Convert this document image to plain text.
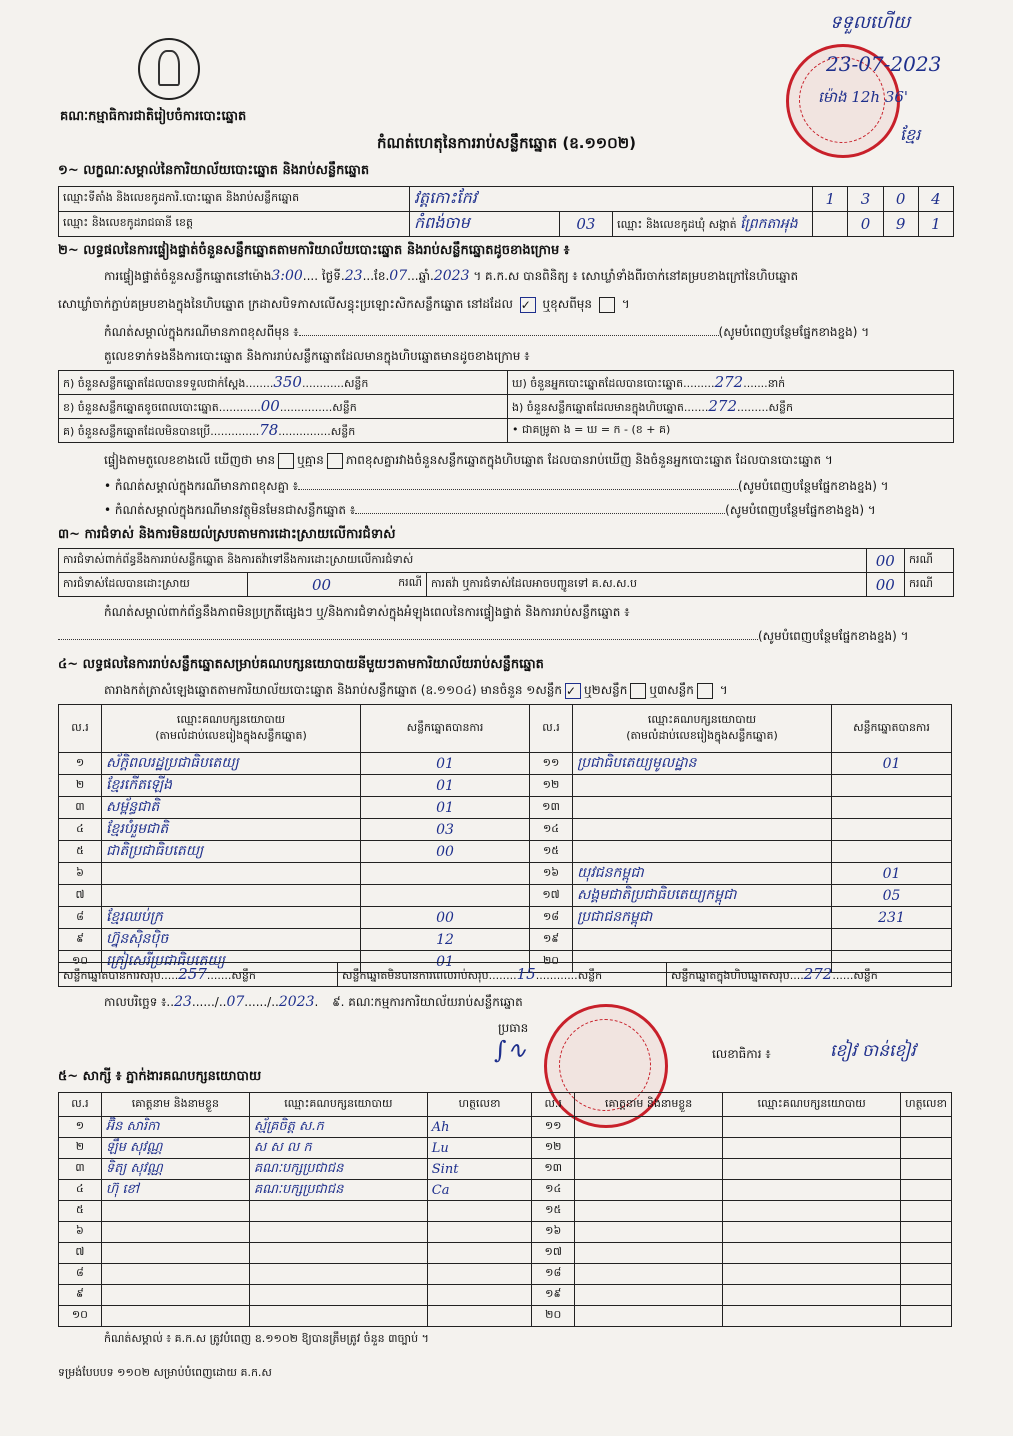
គណៈកម្មាធិការជាតិរៀបចំការបោះឆ្នោត
កំណត់ហេតុនៃការរាប់សន្លឹកឆ្នោត (ឧ.១១០២)
ទទួលហើយ
23-07-2023
ម៉ោង 12h 36'
ខ្មែរ
១~ លក្ខណៈសម្គាល់នៃការិយាល័យបោះឆ្នោត និងរាប់សន្លឹកឆ្នោត
ឈ្មោះទីតាំង និងលេខកូដការិ.បោះឆ្នោត និងរាប់សន្លឹកឆ្នោត	វត្តកោះកែវ			1	3	0	4
ឈ្មោះ និងលេខកូដរាជធានី ខេត្ត	កំពង់ចាម	03	ឈ្មោះ និងលេខកូដឃុំ សង្កាត់ ព្រែកតាអុង		0	9	1
២~ លទ្ធផលនៃការផ្ទៀងផ្ទាត់ចំនួនសន្លឹកឆ្នោតតាមការិយាល័យបោះឆ្នោត និងរាប់សន្លឹកឆ្នោតដូចខាងក្រោម ៖
ការផ្ទៀងផ្ទាត់ចំនួនសន្លឹកឆ្នោតនៅម៉ោង3:00.... ថ្ងៃទី.23...ខែ.07...ឆ្នាំ.2023 ។ គ.ក.ស បានពិនិត្យ ៖ សោឃ្លាំទាំងពីរចាក់នៅគម្របខាងក្រៅនៃហិបឆ្នោត
សោឃ្លាំចាក់ភ្ជាប់គម្របខាងក្នុងនៃហិបឆ្នោត ក្រដាសបិទភាសលើសន្ធុះប្រឡោះសិកសន្លឹកឆ្នោត នៅដដែល ✓ ឬខុសពីមុន  ។
កំណត់សម្គាល់ក្នុងករណីមានភាពខុសពីមុន ៖	(សូមបំពេញបន្ថែមផ្នែកខាងខ្នង) ។
តួលេខទាក់ទងនឹងការបោះឆ្នោត និងការរាប់សន្លឹកឆ្នោតដែលមានក្នុងហិបឆ្នោតមានដូចខាងក្រោម ៖
ក) ចំនួនសន្លឹកឆ្នោតដែលបានទទួលជាក់ស្តែង........350............សន្លឹក	ឃ) ចំនួនអ្នកបោះឆ្នោតដែលបានបោះឆ្នោត.........272.......នាក់
ខ) ចំនួនសន្លឹកឆ្នោតខូចពេលបោះឆ្នោត............00...............សន្លឹក	ង) ចំនួនសន្លឹកឆ្នោតដែលមានក្នុងហិបឆ្នោត.......272.........សន្លឹក
គ) ចំនួនសន្លឹកឆ្នោតដែលមិនបានប្រើ..............78...............សន្លឹក	• ជាគម្រូតា ង = ឃ = ក - (ខ + គ)
ផ្ទៀងតាមតួលេខខាងលើ ឃើញថា មាន ឬគ្មាន ភាពខុសគ្នារវាងចំនួនសន្លឹកឆ្នោតក្នុងហិបឆ្នោត ដែលបានរាប់ឃើញ និងចំនួនអ្នកបោះឆ្នោត ដែលបានបោះឆ្នោត ។
• កំណត់សម្គាល់ក្នុងករណីមានភាពខុសគ្នា ៖	(សូមបំពេញបន្ថែមផ្នែកខាងខ្នង) ។
• កំណត់សម្គាល់ក្នុងករណីមានវត្ថុមិនមែនជាសន្លឹកឆ្នោត ៖	(សូមបំពេញបន្ថែមផ្នែកខាងខ្នង) ។
៣~ ការជំទាស់ និងការមិនយល់ស្របតាមការដោះស្រាយលើការជំទាស់
ការជំទាស់ពាក់ព័ន្ធនឹងការរាប់សន្លឹកឆ្នោត និងការតវ៉ាទៅនឹងការដោះស្រាយលើការជំទាស់			00	ករណី
ការជំទាស់ដែលបានដោះស្រាយ	00 ករណី	ការតវ៉ា ឬការជំទាស់ដែលអាចបញ្ជូនទៅ គ.ស.ស.ប	00	ករណី
កំណត់សម្គាល់ពាក់ព័ន្ធនឹងភាពមិនប្រក្រតីផ្សេងៗ ឬ/និងការជំទាស់ក្នុងអំឡុងពេលនៃការផ្ទៀងផ្ទាត់ និងការរាប់សន្លឹកឆ្នោត ៖
(សូមបំពេញបន្ថែមផ្នែកខាងខ្នង) ។
៤~ លទ្ធផលនៃការរាប់សន្លឹកឆ្នោតសម្រាប់គណបក្សនយោបាយនីមួយៗតាមការិយាល័យរាប់សន្លឹកឆ្នោត
តារាងកត់ត្រាសំឡេងឆ្នោតតាមការិយាល័យបោះឆ្នោត និងរាប់សន្លឹកឆ្នោត (ឧ.១១០៤) មានចំនួន ១សន្លឹក ✓ ឬ២សន្លឹក ឬ៣សន្លឹក ។
ល.រ	ឈ្មោះគណបក្សនយោបាយ
(តាមលំដាប់លេខរៀងក្នុងសន្លឹកឆ្នោត)	សន្លឹកឆ្នោតបានការ	ល.រ	ឈ្មោះគណបក្សនយោបាយ
(តាមលំដាប់លេខរៀងក្នុងសន្លឹកឆ្នោត)	សន្លឹកឆ្នោតបានការ
១	ស័ក្តិពលរដ្ឋប្រជាធិបតេយ្យ	01	១១	ប្រជាធិបតេយ្យមូលដ្ឋាន	01
២	ខ្មែរកើតឡើង	01	១២		
៣	សម្ព័ន្ធជាតិ	01	១៣		
៤	ខ្មែរបំរួមជាតិ	03	១៤		
៥	ជាតិប្រជាធិបតេយ្យ	00	១៥		
៦			១៦	យុវជនកម្ពុជា	01
៧			១៧	សង្គមជាតិប្រជាធិបតេយ្យកម្ពុជា	05
៨	ខ្មែរឈប់ក្រ	00	១៨	ប្រជាជនកម្ពុជា	231
៩	ហ្វ៊ុនស៊ិនប៉ិច	12	១៩		
១០	ក្រៀសេរីប្រជាធិបតេយ្យ	01	២០		
សន្លឹកឆ្នោតបានការសរុប.....257.......សន្លឹក	សន្លឹកឆ្នោតមិនបានការពេលរាប់សរុប........15............សន្លឹក	សន្លឹកឆ្នោតក្នុងហិបឆ្នោតសរុប....272......សន្លឹក
កាលបរិច្ឆេទ ៖..23....../..07....../..2023. ៩. គណៈកម្មការការិយាល័យរាប់សន្លឹកឆ្នោត
ប្រធាន
∫∿	លេខាធិការ ៖	ខៀវ ចាន់ខៀវ
៥~ សាក្សី ៖ ភ្នាក់ងារគណបក្សនយោបាយ
ល.រ	គោត្តនាម និងនាមខ្លួន	ឈ្មោះគណបក្សនយោបាយ	ហត្ថលេខា	ល.រ	គោត្តនាម និងនាមខ្លួន	ឈ្មោះគណបក្សនយោបាយ	ហត្ថលេខា
១	អ៊ិន សារិកា	ស្ម័គ្រចិត្ត ស.ក	Ah	១១			
២	ឡឹម សុវណ្ណ	ស ស ល ក	Lu	១២			
៣	ទិត្យ សុវណ្ណ	គណៈបក្សប្រជាជន	Sint	១៣			
៤	ហ៊ុ ខៅ	គណៈបក្សប្រជាជន	Ca	១៤			
៥				១៥			
៦				១៦			
៧				១៧			
៨				១៨			
៩				១៩			
១០				២០			
កំណត់សម្គាល់ ៖ គ.ក.ស ត្រូវបំពេញ ឧ.១១០២ ឱ្យបានត្រឹមត្រូវ ចំនួន ៣ច្បាប់ ។
ទម្រង់បែបបទ ១១០២ សម្រាប់បំពេញដោយ គ.ក.ស
